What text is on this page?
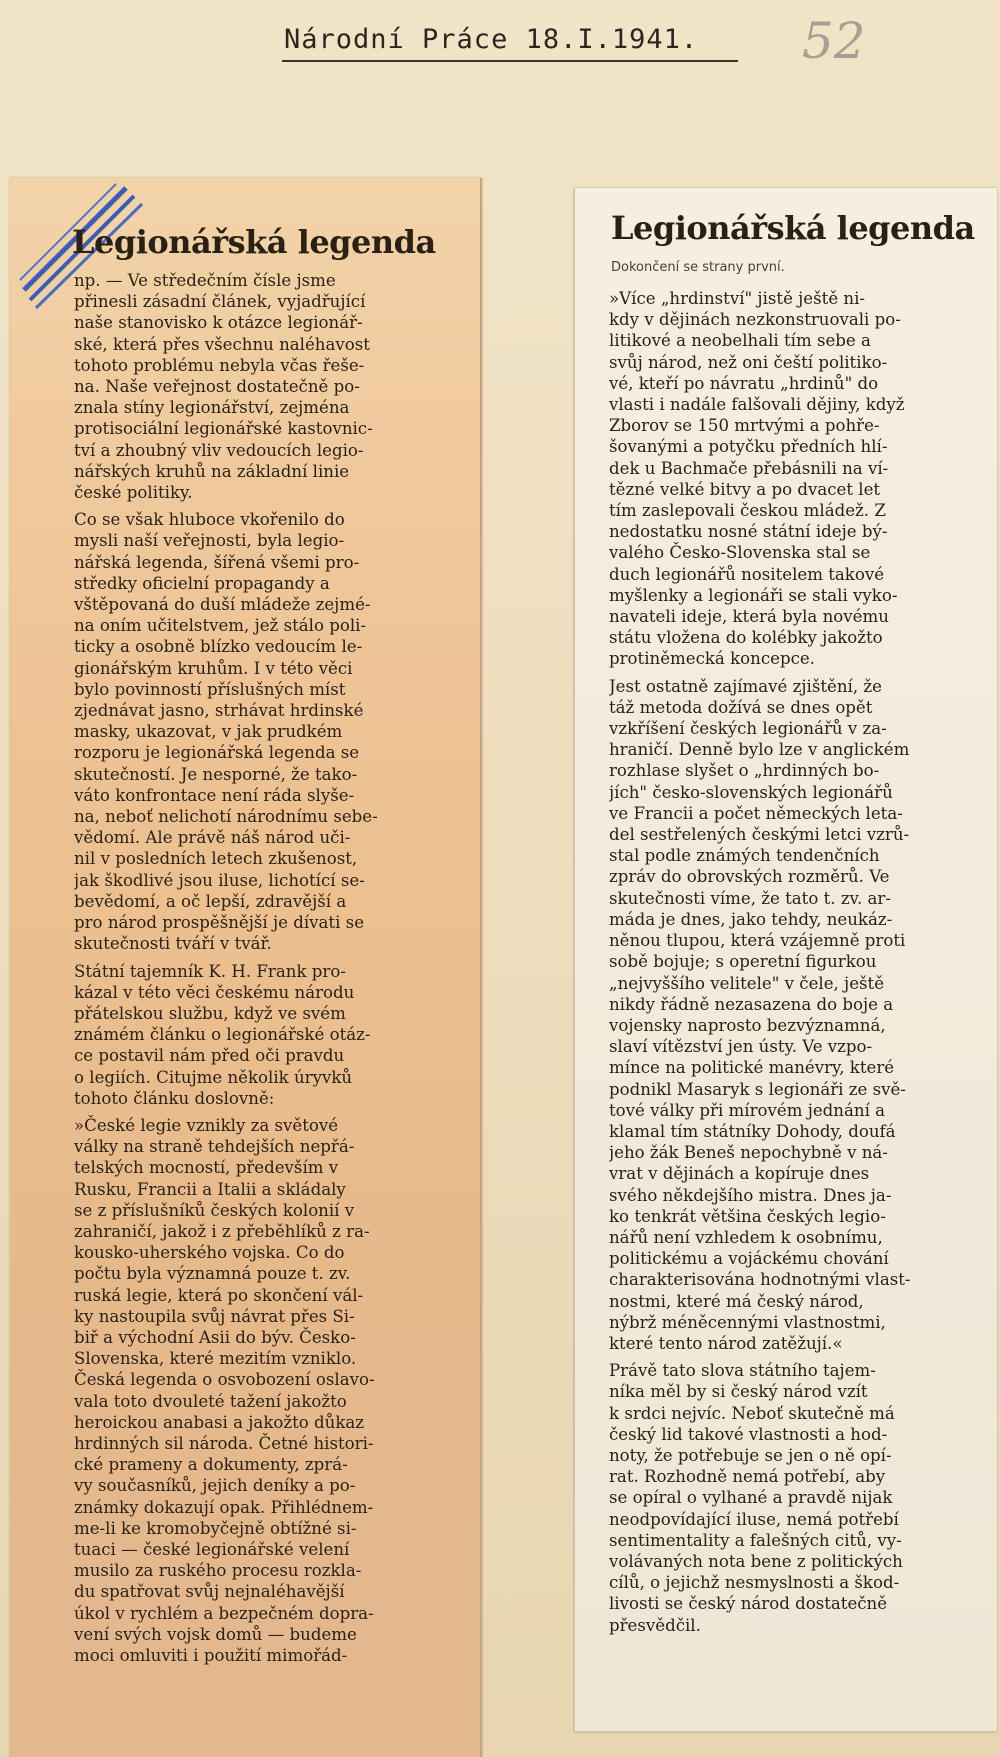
Národní Práce 18.I.1941. 52
Legionářská legenda
np. — Ve středečním čísle jsme
přinesli zásadní článek, vyjadřující
naše stanovisko k otázce legionář-
ské, která přes všechnu naléhavost
tohoto problému nebyla včas řeše-
na. Naše veřejnost dostatečně po-
znala stíny legionářství, zejména
protisociální legionářské kastovnic-
tví a zhoubný vliv vedoucích legio-
nářských kruhů na základní linie
české politiky.
Co se však hluboce vkořenilo do
mysli naší veřejnosti, byla legio-
nářská legenda, šířená všemi pro-
středky oficielní propagandy a
vštěpovaná do duší mládeže zejmé-
na oním učitelstvem, jež stálo poli-
ticky a osobně blízko vedoucím le-
gionářským kruhům. I v této věci
bylo povinností příslušných míst
zjednávat jasno, strhávat hrdinské
masky, ukazovat, v jak prudkém
rozporu je legionářská legenda se
skutečností. Je nesporné, že tako-
váto konfrontace není ráda slyše-
na, neboť nelichotí národnímu sebe-
vědomí. Ale právě náš národ uči-
nil v posledních letech zkušenost,
jak škodlivé jsou iluse, lichotící se-
bevědomí, a oč lepší, zdravější a
pro národ prospěšnější je dívati se
skutečnosti tváří v tvář.
Státní tajemník K. H. Frank pro-
kázal v této věci českému národu
přátelskou službu, když ve svém
známém článku o legionářské otáz-
ce postavil nám před oči pravdu
o legiích. Citujme několik úryvků
tohoto článku doslovně:
»České legie vznikly za světové
války na straně tehdejších nepřá-
telských mocností, především v
Rusku, Francii a Italii a skládaly
se z příslušníků českých kolonií v
zahraničí, jakož i z přeběhlíků z ra-
kousko-uherského vojska. Co do
počtu byla významná pouze t. zv.
ruská legie, která po skončení vál-
ky nastoupila svůj návrat přes Si-
biř a východní Asii do býv. Česko-
Slovenska, které mezitím vzniklo.
Česká legenda o osvobození oslavo-
vala toto dvouleté tažení jakožto
heroickou anabasi a jakožto důkaz
hrdinných sil národa. Četné histori-
cké prameny a dokumenty, zprá-
vy současníků, jejich deníky a po-
známky dokazují opak. Přihlédnem-
me-li ke kromobyčejně obtížné si-
tuaci — české legionářské velení
musilo za ruského procesu rozkla-
du spatřovat svůj nejnaléhavější
úkol v rychlém a bezpečném dopra-
vení svých vojsk domů — budeme
moci omluviti i použití mimořád-
Legionářská legenda
Dokončení se strany první.
»Více „hrdinství" jistě ještě ni-
kdy v dějinách nezkonstruovali po-
litikové a neobelhali tím sebe a
svůj národ, než oni čeští politiko-
vé, kteří po návratu „hrdinů" do
vlasti i nadále falšovali dějiny, když
Zborov se 150 mrtvými a pohře-
šovanými a potyčku předních hlí-
dek u Bachmače přebásnili na ví-
tězné velké bitvy a po dvacet let
tím zaslepovali českou mládež. Z
nedostatku nosné státní ideje bý-
valého Česko-Slovenska stal se
duch legionářů nositelem takové
myšlenky a legionáři se stali vyko-
navateli ideje, která byla novému
státu vložena do kolébky jakožto
protiněmecká koncepce.
Jest ostatně zajímavé zjištění, že
táž metoda dožívá se dnes opět
vzkříšení českých legionářů v za-
hraničí. Denně bylo lze v anglickém
rozhlase slyšet o „hrdinných bo-
jích" česko-slovenských legionářů
ve Francii a počet německých leta-
del sestřelených českými letci vzrů-
stal podle známých tendenčních
zpráv do obrovských rozměrů. Ve
skutečnosti víme, že tato t. zv. ar-
máda je dnes, jako tehdy, neukáz-
něnou tlupou, která vzájemně proti
sobě bojuje; s operetní figurkou
„nejvyššího velitele" v čele, ještě
nikdy řádně nezasazena do boje a
vojensky naprosto bezvýznamná,
slaví vítězství jen ústy. Ve vzpo-
mínce na politické manévry, které
podnikl Masaryk s legionáři ze svě-
tové války při mírovém jednání a
klamal tím státníky Dohody, doufá
jeho žák Beneš nepochybně v ná-
vrat v dějinách a kopíruje dnes
svého někdejšího mistra. Dnes ja-
ko tenkrát většina českých legio-
nářů není vzhledem k osobnímu,
politickému a vojáckému chování
charakterisována hodnotnými vlast-
nostmi, které má český národ,
nýbrž méněcennými vlastnostmi,
které tento národ zatěžují.«
Právě tato slova státního tajem-
níka měl by si český národ vzít
k srdci nejvíc. Neboť skutečně má
český lid takové vlastnosti a hod-
noty, že potřebuje se jen o ně opí-
rat. Rozhodně nemá potřebí, aby
se opíral o vylhané a pravdě nijak
neodpovídající iluse, nemá potřebí
sentimentality a falešných citů, vy-
volávaných nota bene z politických
cílů, o jejichž nesmyslnosti a škod-
livosti se český národ dostatečně
přesvědčil.
